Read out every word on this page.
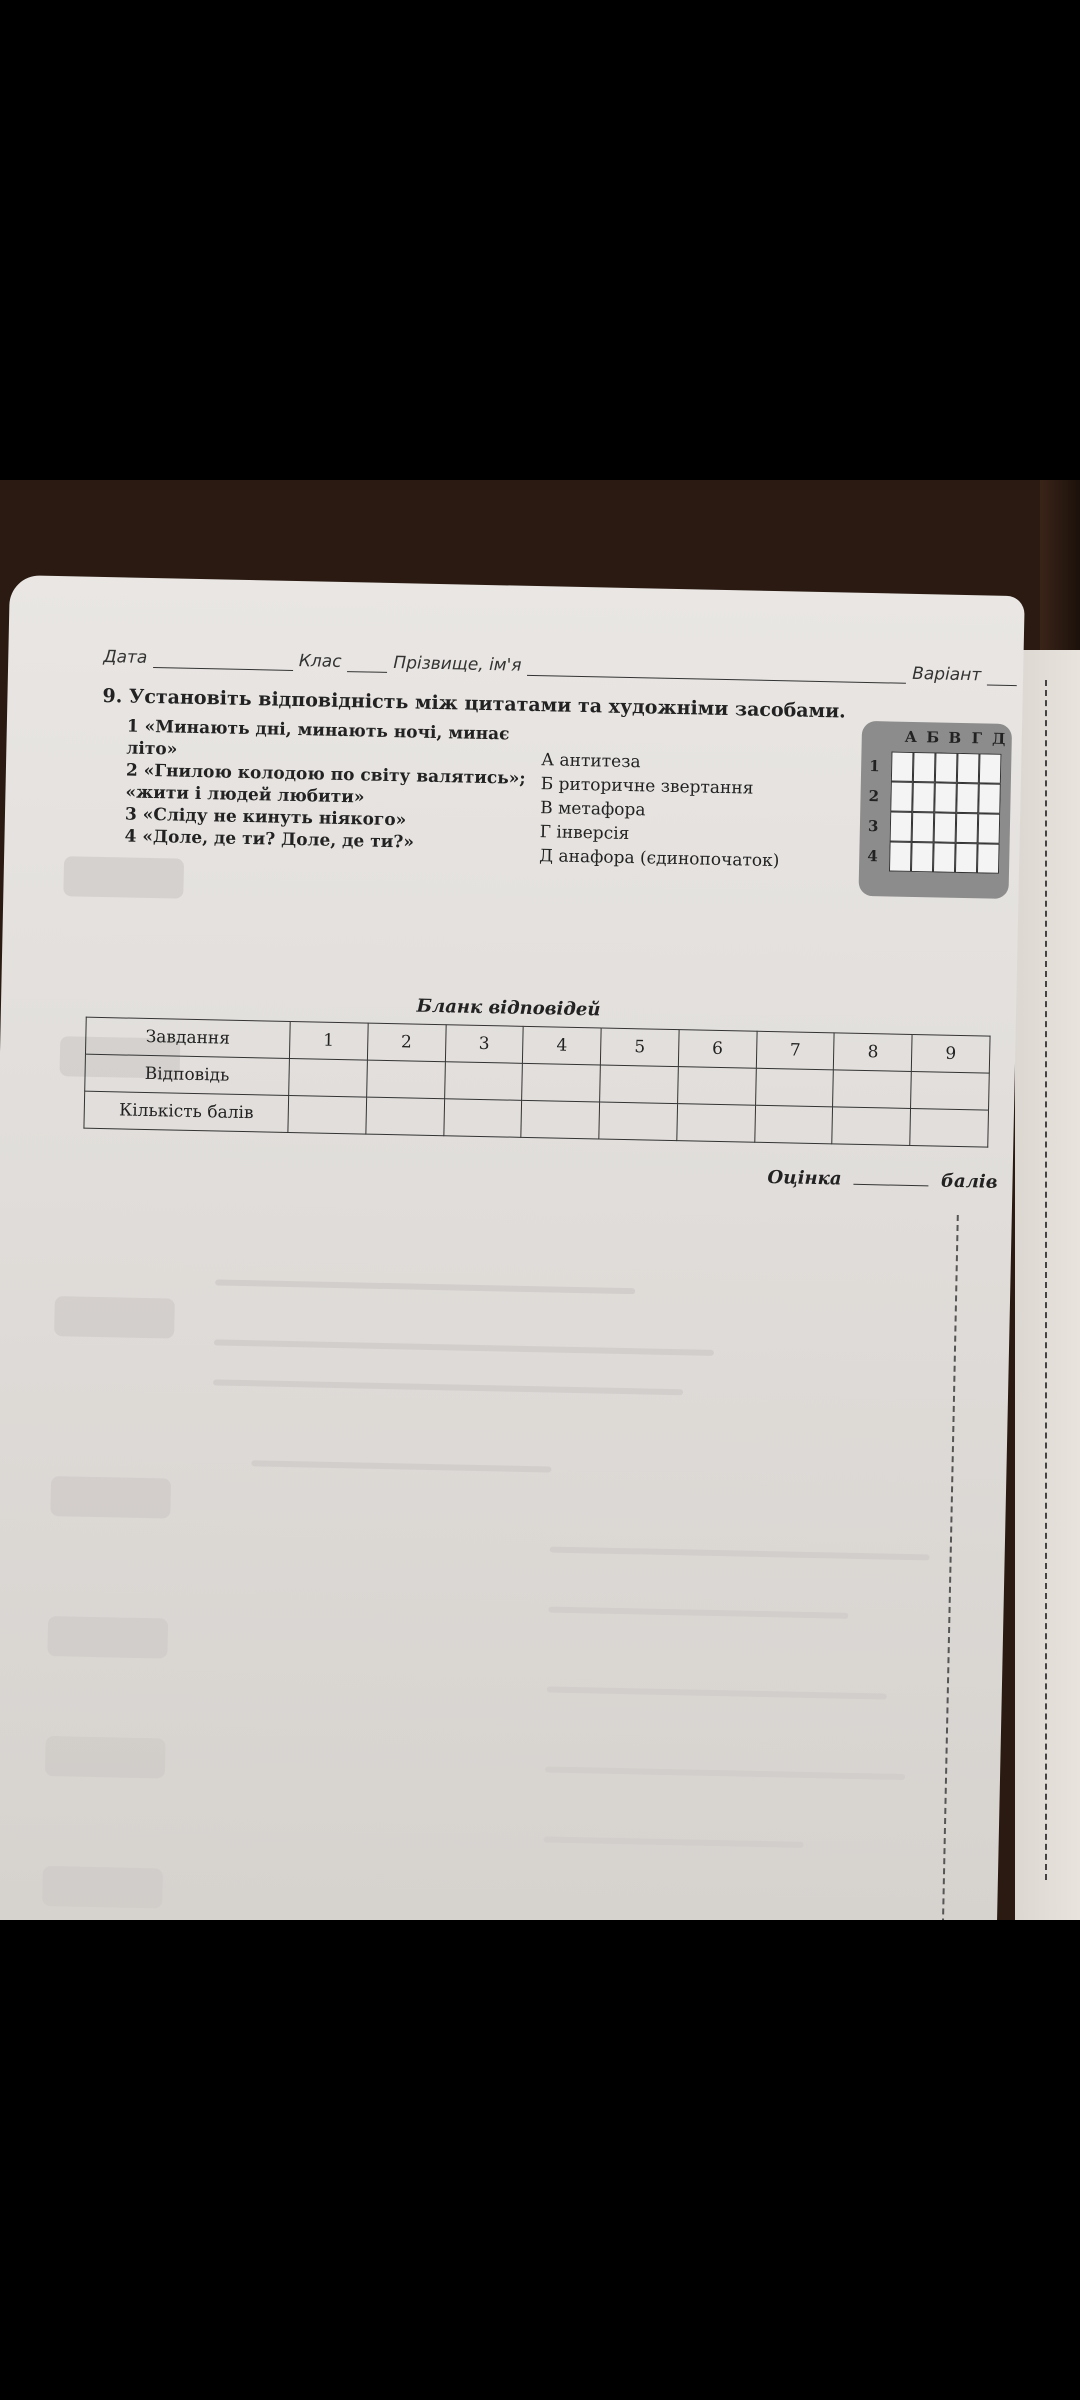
Дата	Клас	Прізвище, ім'я	Варіант
9. Установіть відповідність між цитатами та художніми засобами.
1 «Минають дні, минають ночі, минає літо»
2 «Гнилою колодою по світу валятись»; «жити і людей любити»
3 «Сліду не кинуть ніякого»
4 «Доле, де ти? Доле, де ти?»
А антитеза
Б риторичне звертання
В метафора
Г інверсія
Д анафора (єдинопочаток)
А Б В Г Д
1
2
3
4
Бланк відповідей
Завдання	1	2	3	4	5	6	7	8	9
Відповідь									
Кількість балів									
Оцінка	балів
